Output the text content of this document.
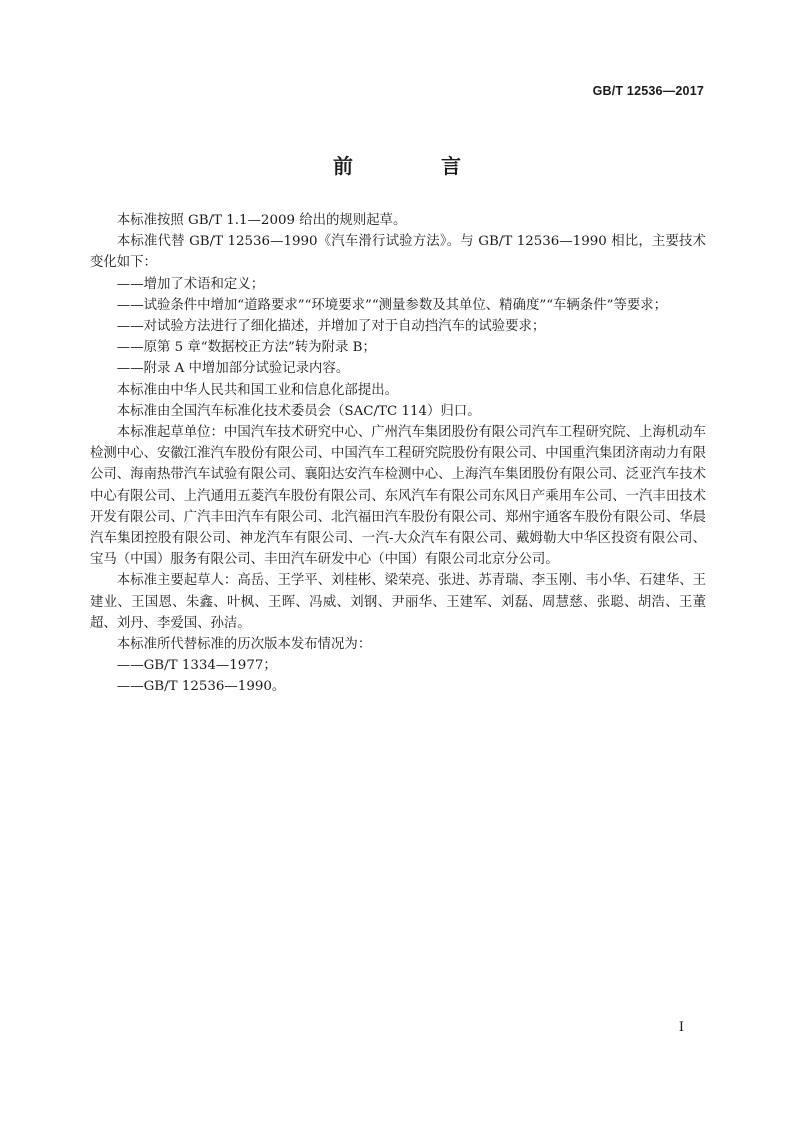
GB/T 12536—2017
前　言

本标准按照 GB/T 1.1—2009 给出的规则起草。

本标准代替 GB/T 12536—1990《汽车滑行试验方法》。与 GB/T 12536—1990 相比，主要技术变化如下：

——增加了术语和定义；

——试验条件中增加“道路要求”“环境要求”“测量参数及其单位、精确度”“车辆条件”等要求；

——对试验方法进行了细化描述，并增加了对于自动挡汽车的试验要求；

——原第 5 章“数据校正方法”转为附录 B；

——附录 A 中增加部分试验记录内容。

本标准由中华人民共和国工业和信息化部提出。

本标准由全国汽车标准化技术委员会（SAC/TC 114）归口。

本标准起草单位：中国汽车技术研究中心、广州汽车集团股份有限公司汽车工程研究院、上海机动车检测中心、安徽江淮汽车股份有限公司、中国汽车工程研究院股份有限公司、中国重汽集团济南动力有限公司、海南热带汽车试验有限公司、襄阳达安汽车检测中心、上海汽车集团股份有限公司、泛亚汽车技术中心有限公司、上汽通用五菱汽车股份有限公司、东风汽车有限公司东风日产乘用车公司、一汽丰田技术开发有限公司、广汽丰田汽车有限公司、北汽福田汽车股份有限公司、郑州宇通客车股份有限公司、华晨汽车集团控股有限公司、神龙汽车有限公司、一汽-大众汽车有限公司、戴姆勒大中华区投资有限公司、宝马（中国）服务有限公司、丰田汽车研发中心（中国）有限公司北京分公司。

本标准主要起草人：高岳、王学平、刘桂彬、梁荣亮、张进、苏青瑞、李玉刚、韦小华、石建华、王建业、王国恩、朱鑫、叶枫、王晖、冯威、刘钢、尹丽华、王建军、刘磊、周慧慈、张聪、胡浩、王董超、刘丹、李爱国、孙洁。

本标准所代替标准的历次版本发布情况为：

——GB/T 1334—1977；

——GB/T 12536—1990。

I
